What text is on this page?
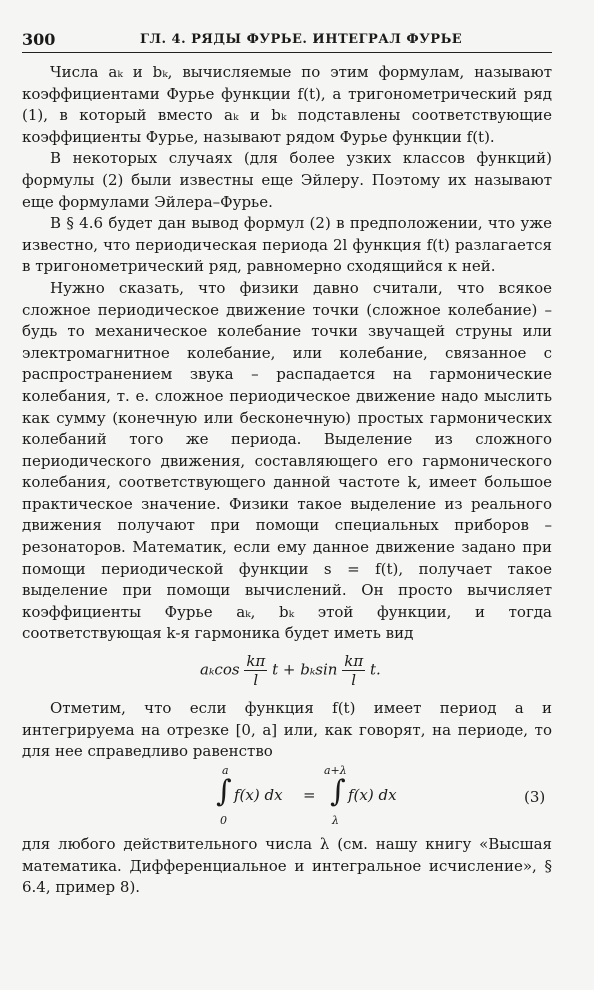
300	ГЛ. 4. РЯДЫ ФУРЬЕ. ИНТЕГРАЛ ФУРЬЕ

Числа aₖ и bₖ, вычисляемые по этим формулам, называют коэффициентами Фурье функции f(t), а тригонометрический ряд (1), в который вместо aₖ и bₖ подставлены соответствующие коэффициенты Фурье, называют рядом Фурье функции f(t).

В некоторых случаях (для более узких классов функций) формулы (2) были известны еще Эйлеру. Поэтому их называют еще формулами Эйлера–Фурье.

В § 4.6 будет дан вывод формул (2) в предположении, что уже известно, что периодическая периода 2l функция f(t) разлагается в тригонометрический ряд, равномерно сходящийся к ней.

Нужно сказать, что физики давно считали, что всякое сложное периодическое движение точки (сложное колебание) – будь то механическое колебание точки звучащей струны или электромагнитное колебание, или колебание, связанное с распространением звука – распадается на гармонические колебания, т. е. сложное периодическое движение надо мыслить как сумму (конечную или бесконечную) простых гармонических колебаний того же периода. Выделение из сложного периодического движения, составляющего его гармонического колебания, соответствующего данной частоте k, имеет большое практическое значение. Физики такое выделение из реального движения получают при помощи специальных приборов – резонаторов. Математик, если ему данное движение задано при помощи периодической функции s = f(t), получает такое выделение при помощи вычислений. Он просто вычисляет коэффициенты Фурье aₖ, bₖ этой функции, и тогда соответствующая k-я гармоника будет иметь вид

aₖcos $\frac{k\pi}{l}$ t + bₖsin $\frac{k\pi}{l} t$.

Отметим, что если функция f(t) имеет период a и интегрируема на отрезке [0, a] или, как говорят, на периоде, то для нее справедливо равенство

a
∫
0
f(x) dx =
a+λ
∫
λ
f(x) dx	(3)

для любого действительного числа λ (см. нашу книгу «Высшая математика. Дифференциальное и интегральное исчисление», § 6.4, пример 8).
